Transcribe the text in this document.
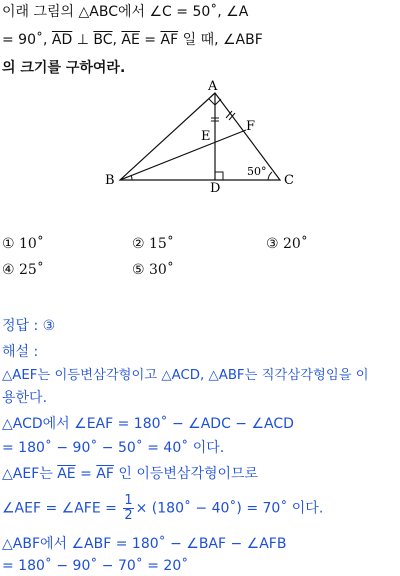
이래 그림의 △ABC에서 ∠C = 50˚, ∠A
= 90˚, $\overline{AD}$ ⊥ $\overline{BC}$, $\overline{AE} = \overline{AF}$ 일 때, ∠ABF
의 크기를 구하여라.
A
B	C
D
E
F
50°
① 10˚	② 15˚	③ 20˚
④ 25˚	⑤ 30˚
정답 : ③
해설 :
△AEF는 이등변삼각형이고 △ACD, △ABF는 직각삼각형임을 이
용한다.
△ACD에서 ∠EAF = 180˚ − ∠ADC − ∠ACD
= 180˚ − 90˚ − 50˚ = 40˚ 이다.
△AEF는 $\overline{AE} = \overline{AF}$ 인 이등변삼각형이므로
∠AEF = ∠AFE = $\frac{1}{2}$ × (180˚ − 40˚) = 70˚ 이다.
△ABF에서 ∠ABF = 180˚ − ∠BAF − ∠AFB
= 180˚ − 90˚ − 70˚ = 20˚
